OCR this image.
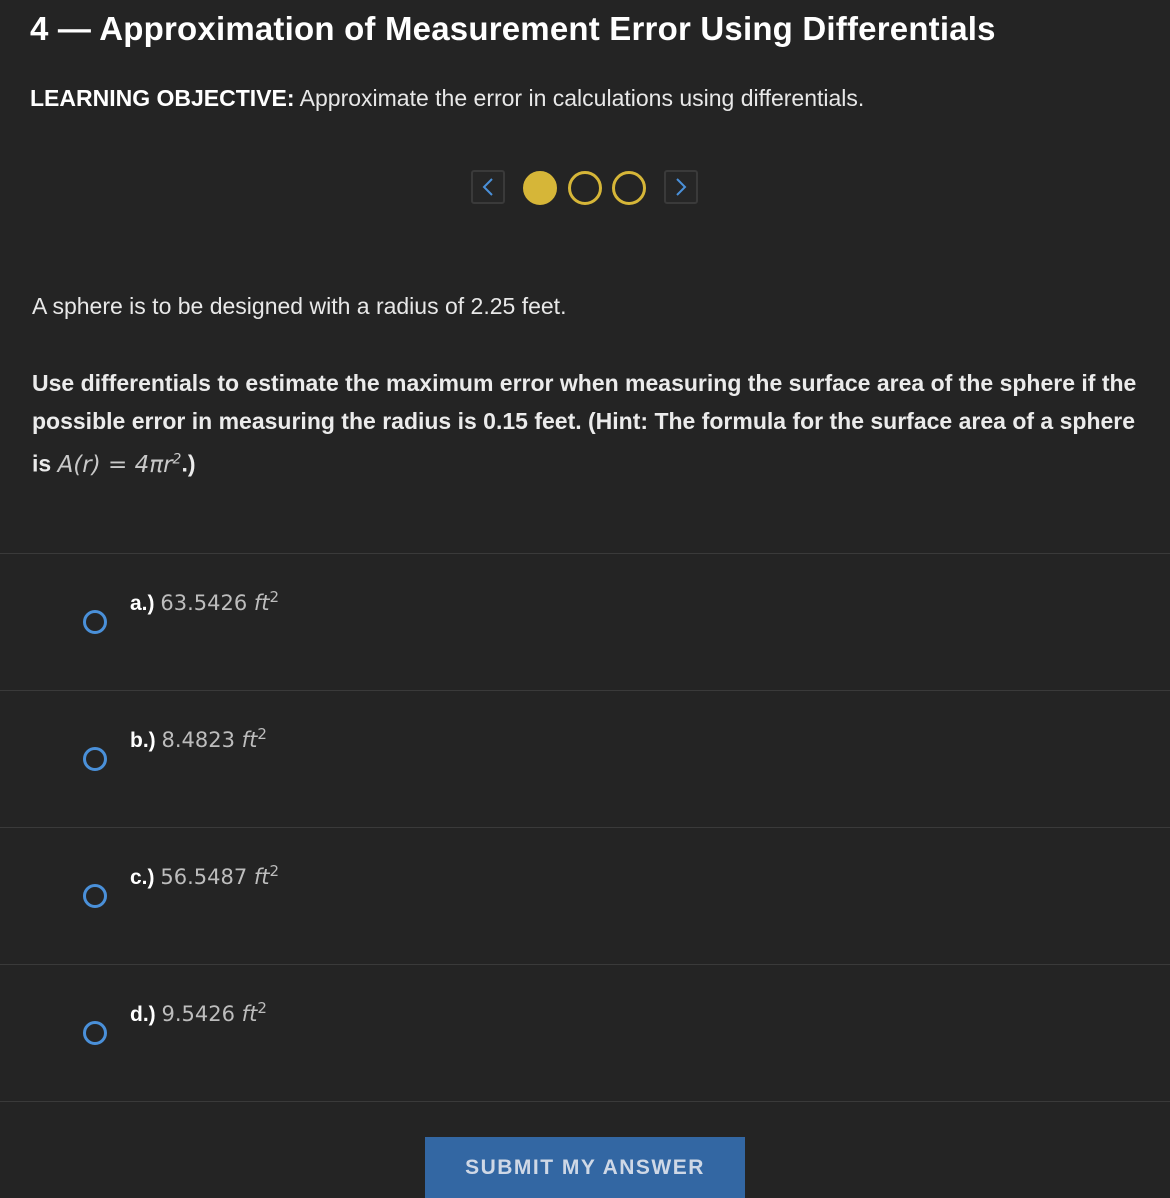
4 — Approximation of Measurement Error Using Differentials
LEARNING OBJECTIVE: Approximate the error in calculations using differentials.
A sphere is to be designed with a radius of 2.25 feet.
Use differentials to estimate the maximum error when measuring the surface area of the sphere if the possible error in measuring the radius is 0.15 feet. (Hint: The formula for the surface area of a sphere is $A(r) = 4\pi r^2$.)
a.) 63.5426 $ft^2$
b.) 8.4823 $ft^2$
c.) 56.5487 $ft^2$
d.) 9.5426 $ft^2$
SUBMIT MY ANSWER
